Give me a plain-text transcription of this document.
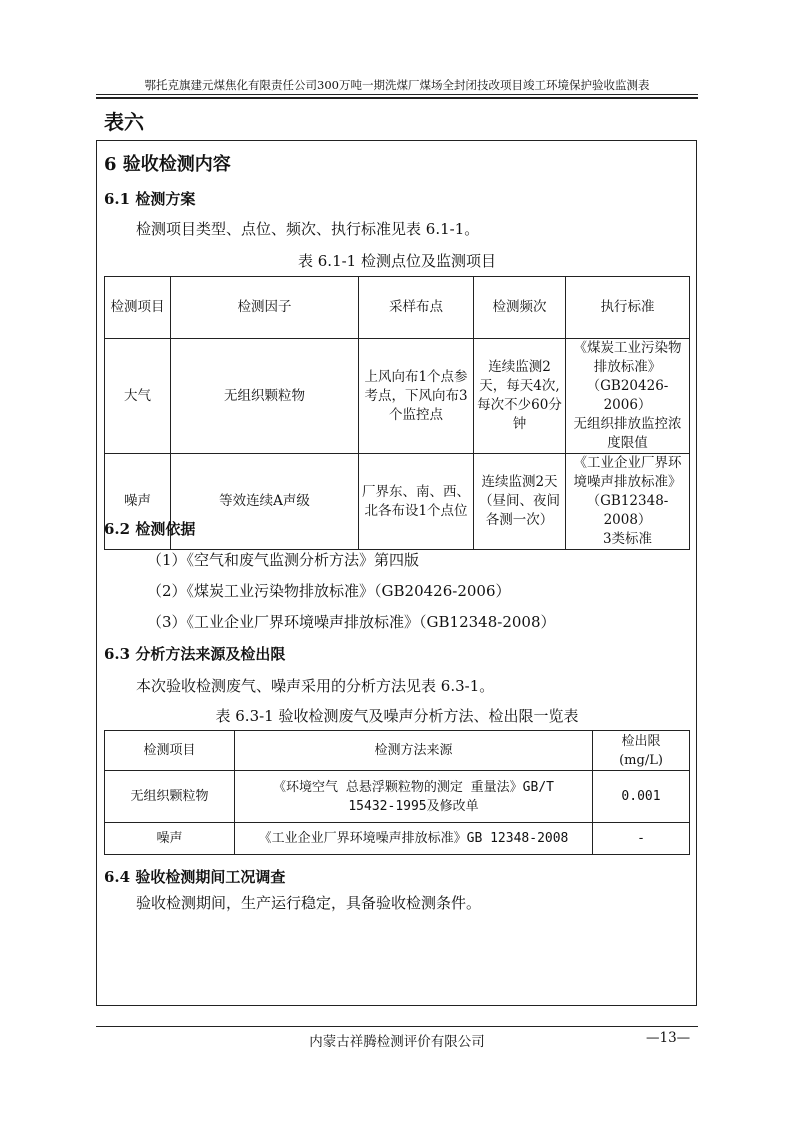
鄂托克旗建元煤焦化有限责任公司300万吨一期洗煤厂煤场全封闭技改项目竣工环境保护验收监测表
表六
6 验收检测内容
6.1 检测方案
检测项目类型、点位、频次、执行标准见表 6.1-1。
表 6.1-1 检测点位及监测项目
检测项目	检测因子	采样布点	检测频次	执行标准
大气	无组织颗粒物	上风向布1个点参考点，下风向布3个监控点	连续监测2天，每天4次,每次不少60分钟	《煤炭工业污染物排放标准》
（GB20426-2006）
无组织排放监控浓度限值

噪声	等效连续A声级	厂界东、南、西、北各布设1个点位	连续监测2天（昼间、夜间各测一次）	《工业企业厂界环境噪声排放标准》
（GB12348-2008）
3类标准
6.2 检测依据
（1）《空气和废气监测分析方法》第四版
（2）《煤炭工业污染物排放标准》（GB20426-2006）
（3）《工业企业厂界环境噪声排放标准》（GB12348-2008）
6.3 分析方法来源及检出限
本次验收检测废气、噪声采用的分析方法见表 6.3-1。
表 6.3-1 验收检测废气及噪声分析方法、检出限一览表
检测项目	检测方法来源	检出限
(mg/L)

无组织颗粒物	《环境空气 总悬浮颗粒物的测定 重量法》GB/T
15432-1995及修改单	0.001
噪声	《工业企业厂界环境噪声排放标准》GB 12348-2008	-
6.4 验收检测期间工况调查
验收检测期间，生产运行稳定，具备验收检测条件。
内蒙古祥腾检测评价有限公司	—13—
